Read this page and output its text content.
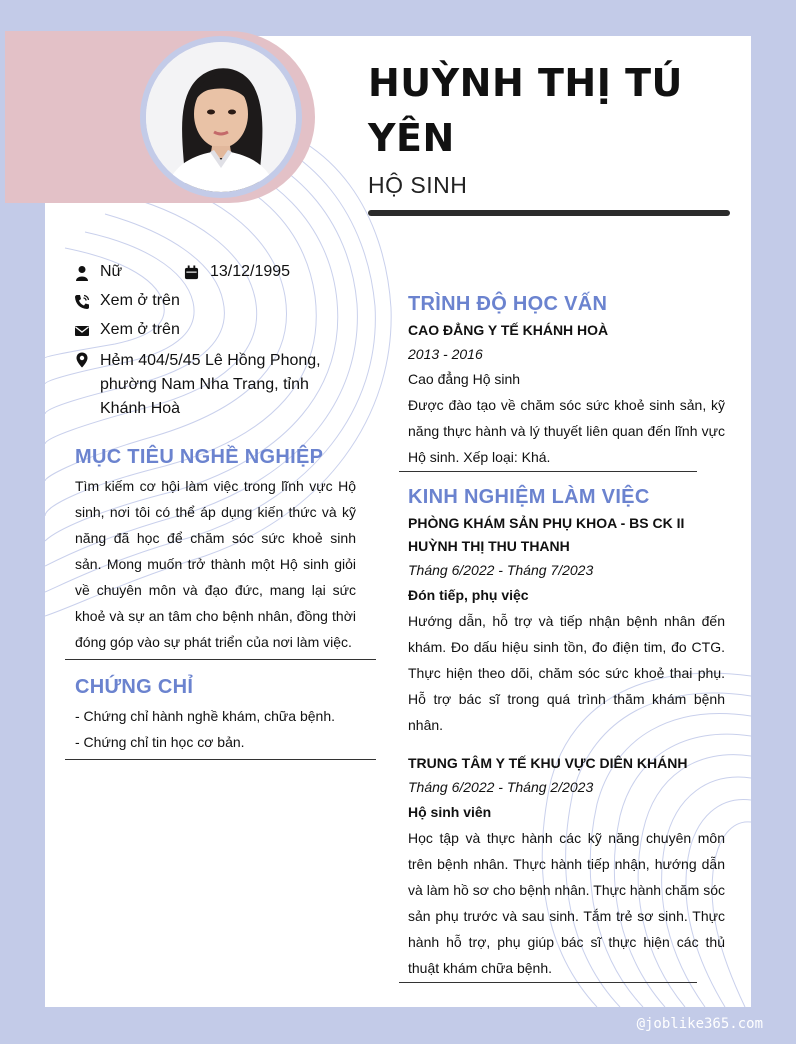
HUỲNH THỊ TÚ YÊN
HỘ SINH
Nữ	13/12/1995
Xem ở trên
Xem ở trên
Hẻm 404/5/45 Lê Hồng Phong, phường Nam Nha Trang, tỉnh Khánh Hoà
MỤC TIÊU NGHỀ NGHIỆP
Tìm kiếm cơ hội làm việc trong lĩnh vực Hộ sinh, nơi tôi có thể áp dụng kiến thức và kỹ năng đã học để chăm sóc sức khoẻ sinh sản. Mong muốn trở thành một Hộ sinh giỏi về chuyên môn và đạo đức, mang lại sức khoẻ và sự an tâm cho bệnh nhân, đồng thời đóng góp vào sự phát triển của nơi làm việc.
CHỨNG CHỈ
- Chứng chỉ hành nghề khám, chữa bệnh.
- Chứng chỉ tin học cơ bản.
TRÌNH ĐỘ HỌC VẤN
CAO ĐẲNG Y TẾ KHÁNH HOÀ
2013 - 2016
Cao đẳng Hộ sinh
Được đào tạo về chăm sóc sức khoẻ sinh sản, kỹ năng thực hành và lý thuyết liên quan đến lĩnh vực Hộ sinh. Xếp loại: Khá.
KINH NGHIỆM LÀM VIỆC
PHÒNG KHÁM SẢN PHỤ KHOA - BS CK II HUỲNH THỊ THU THANH
Tháng 6/2022 - Tháng 7/2023
Đón tiếp, phụ việc
Hướng dẫn, hỗ trợ và tiếp nhận bệnh nhân đến khám. Đo dấu hiệu sinh tồn, đo điện tim, đo CTG. Thực hiện theo dõi, chăm sóc sức khoẻ thai phụ. Hỗ trợ bác sĩ trong quá trình thăm khám bệnh nhân.
TRUNG TÂM Y TẾ KHU VỰC DIÊN KHÁNH
Tháng 6/2022 - Tháng 2/2023
Hộ sinh viên
Học tập và thực hành các kỹ năng chuyên môn trên bệnh nhân. Thực hành tiếp nhận, hướng dẫn và làm hồ sơ cho bệnh nhân. Thực hành chăm sóc sản phụ trước và sau sinh. Tắm trẻ sơ sinh. Thực hành hỗ trợ, phụ giúp bác sĩ thực hiện các thủ thuật khám chữa bệnh.
@joblike365.com
